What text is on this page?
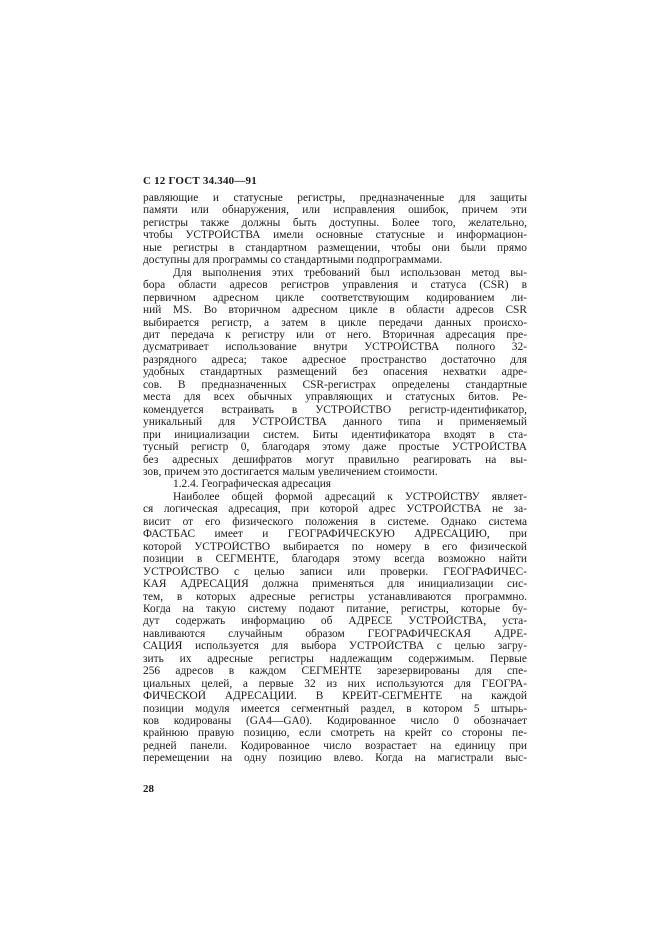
С 12 ГОСТ 34.340—91
равляющие и статусные регистры, предназначенные для защиты
памяти или обнаружения, или исправления ошибок, причем эти
регистры также должны быть доступны. Более того, желательно,
чтобы УСТРОЙСТВА имели основные статусные и информацион-
ные регистры в стандартном размещении, чтобы они были прямо
доступны для программы со стандартными подпрограммами.
Для выполнения этих требований был использован метод вы-
бора области адресов регистров управления и статуса (CSR) в
первичном адресном цикле соответствующим кодированием ли-
ний MS. Во вторичном адресном цикле в области адресов CSR
выбирается регистр, а затем в цикле передачи данных происхо-
дит передача к регистру или от него. Вторичная адресация пре-
дусматривает использование внутри УСТРОЙСТВА полного 32-
разрядного адреса; такое адресное пространство достаточно для
удобных стандартных размещений без опасения нехватки адре-
сов. В предназначенных CSR-регистрах определены стандартные
места для всех обычных управляющих и статусных битов. Ре-
комендуется встраивать в УСТРОЙСТВО регистр-идентификатор,
уникальный для УСТРОЙСТВА данного типа и применяемый
при инициализации систем. Биты идентификатора входят в ста-
тусный регистр 0, благодаря этому даже простые УСТРОЙСТВА
без адресных дешифратов могут правильно реагировать на вы-
зов, причем это достигается малым увеличением стоимости.
1.2.4. Географическая адресация
Наиболее общей формой адресаций к УСТРОЙСТВУ являет-
ся логическая адресация, при которой адрес УСТРОЙСТВА не за-
висит от его физического положения в системе. Однако система
ФАСТБАС имеет и ГЕОГРАФИЧЕСКУЮ АДРЕСАЦИЮ, при
которой УСТРОЙСТВО выбирается по номеру в его физической
позиции в СЕГМЕНТЕ, благодаря этому всегда возможно найти
УСТРОЙСТВО с целью записи или проверки. ГЕОГРАФИЧЕС-
КАЯ АДРЕСАЦИЯ должна применяться для инициализации сис-
тем, в которых адресные регистры устанавливаются программно.
Когда на такую систему подают питание, регистры, которые бу-
дут содержать информацию об АДРЕСЕ УСТРОЙСТВА, уста-
навливаются случайным образом ГЕОГРАФИЧЕСКАЯ АДРЕ-
САЦИЯ используется для выбора УСТРОЙСТВА с целью загру-
зить их адресные регистры надлежащим содержимым. Первые
256 адресов в каждом СЕГМЕНТЕ зарезервированы для спе-
циальных целей, а первые 32 из них используются для ГЕОГРА-
ФИЧЕСКОЙ АДРЕСАЦИИ. В КРЕЙТ-СЕГМЕНТЕ на каждой
позиции модуля имеется сегментный раздел, в котором 5 штырь-
ков кодированы (GA4—GA0). Кодированное число 0 обозначает
крайнюю правую позицию, если смотреть на крейт со стороны пе-
редней панели. Кодированное число возрастает на единицу при
перемещении на одну позицию влево. Когда на магистрали выс-
28
